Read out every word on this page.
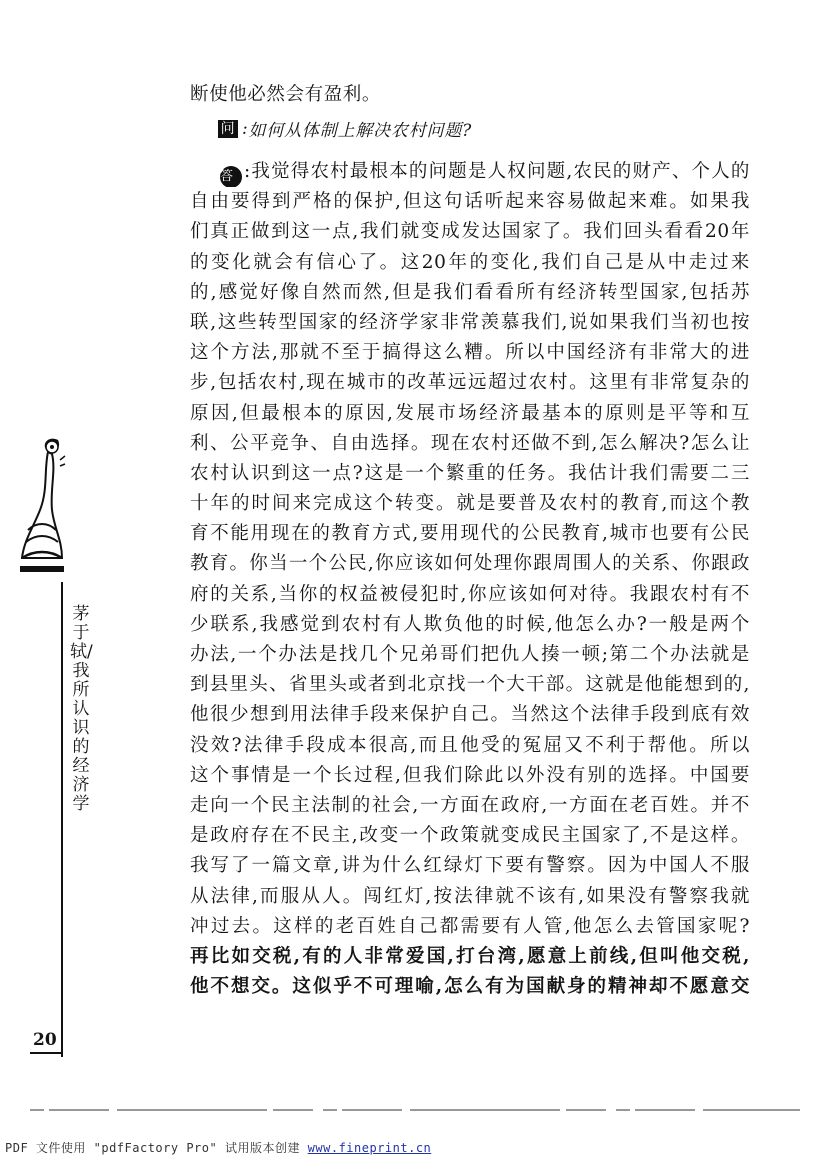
断使他必然会有盈利。
问 : 如何从体制上解决农村问题?
答 :我觉得农村最根本的问题是人权问题,农民的财产、个人的
自由要得到严格的保护,但这句话听起来容易做起来难。如果我
们真正做到这一点,我们就变成发达国家了。我们回头看看20年
的变化就会有信心了。这20年的变化,我们自己是从中走过来
的,感觉好像自然而然,但是我们看看所有经济转型国家,包括苏
联,这些转型国家的经济学家非常羡慕我们,说如果我们当初也按
这个方法,那就不至于搞得这么糟。所以中国经济有非常大的进
步,包括农村,现在城市的改革远远超过农村。这里有非常复杂的
原因,但最根本的原因,发展市场经济最基本的原则是平等和互
利、公平竞争、自由选择。现在农村还做不到,怎么解决?怎么让
农村认识到这一点?这是一个繁重的任务。我估计我们需要二三
十年的时间来完成这个转变。就是要普及农村的教育,而这个教
育不能用现在的教育方式,要用现代的公民教育,城市也要有公民
教育。你当一个公民,你应该如何处理你跟周围人的关系、你跟政
府的关系,当你的权益被侵犯时,你应该如何对待。我跟农村有不
少联系,我感觉到农村有人欺负他的时候,他怎么办?一般是两个
办法,一个办法是找几个兄弟哥们把仇人揍一顿;第二个办法就是
到县里头、省里头或者到北京找一个大干部。这就是他能想到的,
他很少想到用法律手段来保护自己。当然这个法律手段到底有效
没效?法律手段成本很高,而且他受的冤屈又不利于帮他。所以
这个事情是一个长过程,但我们除此以外没有别的选择。中国要
走向一个民主法制的社会,一方面在政府,一方面在老百姓。并不
是政府存在不民主,改变一个政策就变成民主国家了,不是这样。
我写了一篇文章,讲为什么红绿灯下要有警察。因为中国人不服
从法律,而服从人。闯红灯,按法律就不该有,如果没有警察我就
冲过去。这样的老百姓自己都需要有人管,他怎么去管国家呢?
再比如交税,有的人非常爱国,打台湾,愿意上前线,但叫他交税,
他不想交。这似乎不可理喻,怎么有为国献身的精神却不愿意交
茅于轼/我所认识的经济学
20
PDF 文件使用 "pdfFactory Pro" 试用版本创建 www.fineprint.cn
